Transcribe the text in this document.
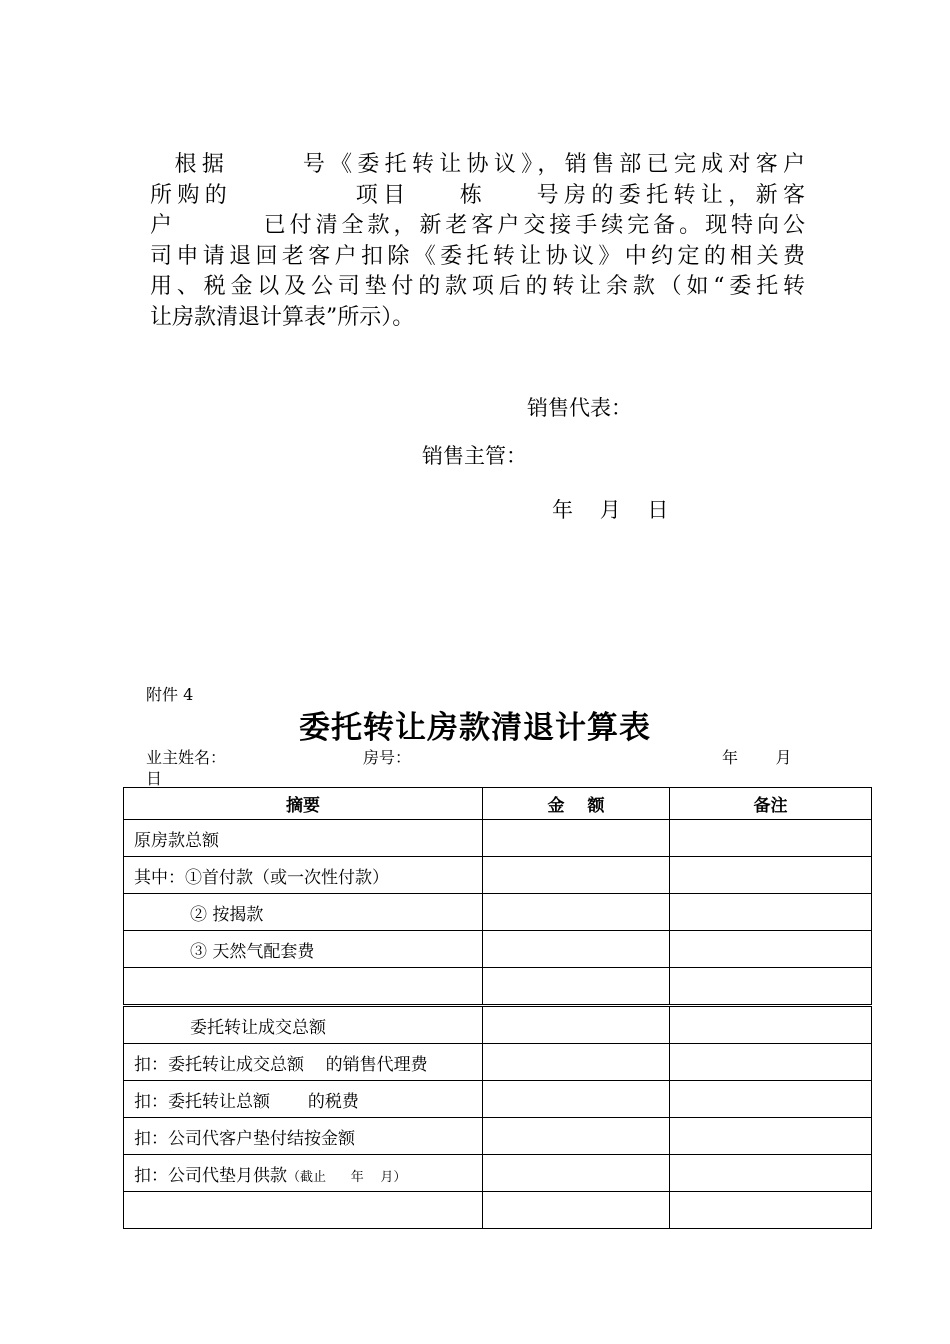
根据      号《委托转让协议》，销售部已完成对客户
所购的          项目    栋    号房的委托转让，新客
户        已付清全款，新老客户交接手续完备。现特向公
司申请退回老客户扣除《委托转让协议》中约定的相关费
用、税金以及公司垫付的款项后的转让余款（如“委托转
让房款清退计算表”所示）。
销售代表：
销售主管：
年    月    日
附件 4
委托转让房款清退计算表
业主姓名：	房号：	年      月
日
摘要	金　 额	备注
原房款总额		
其中：①首付款（或一次性付款）		
② 按揭款		
③ 天然气配套费		

委托转让成交总额		
扣：委托转让成交总额    的销售代理费		
扣：委托转让总额       的税费		
扣：公司代客户垫付结按金额		
扣：公司代垫月供款（截止      年    月）		
